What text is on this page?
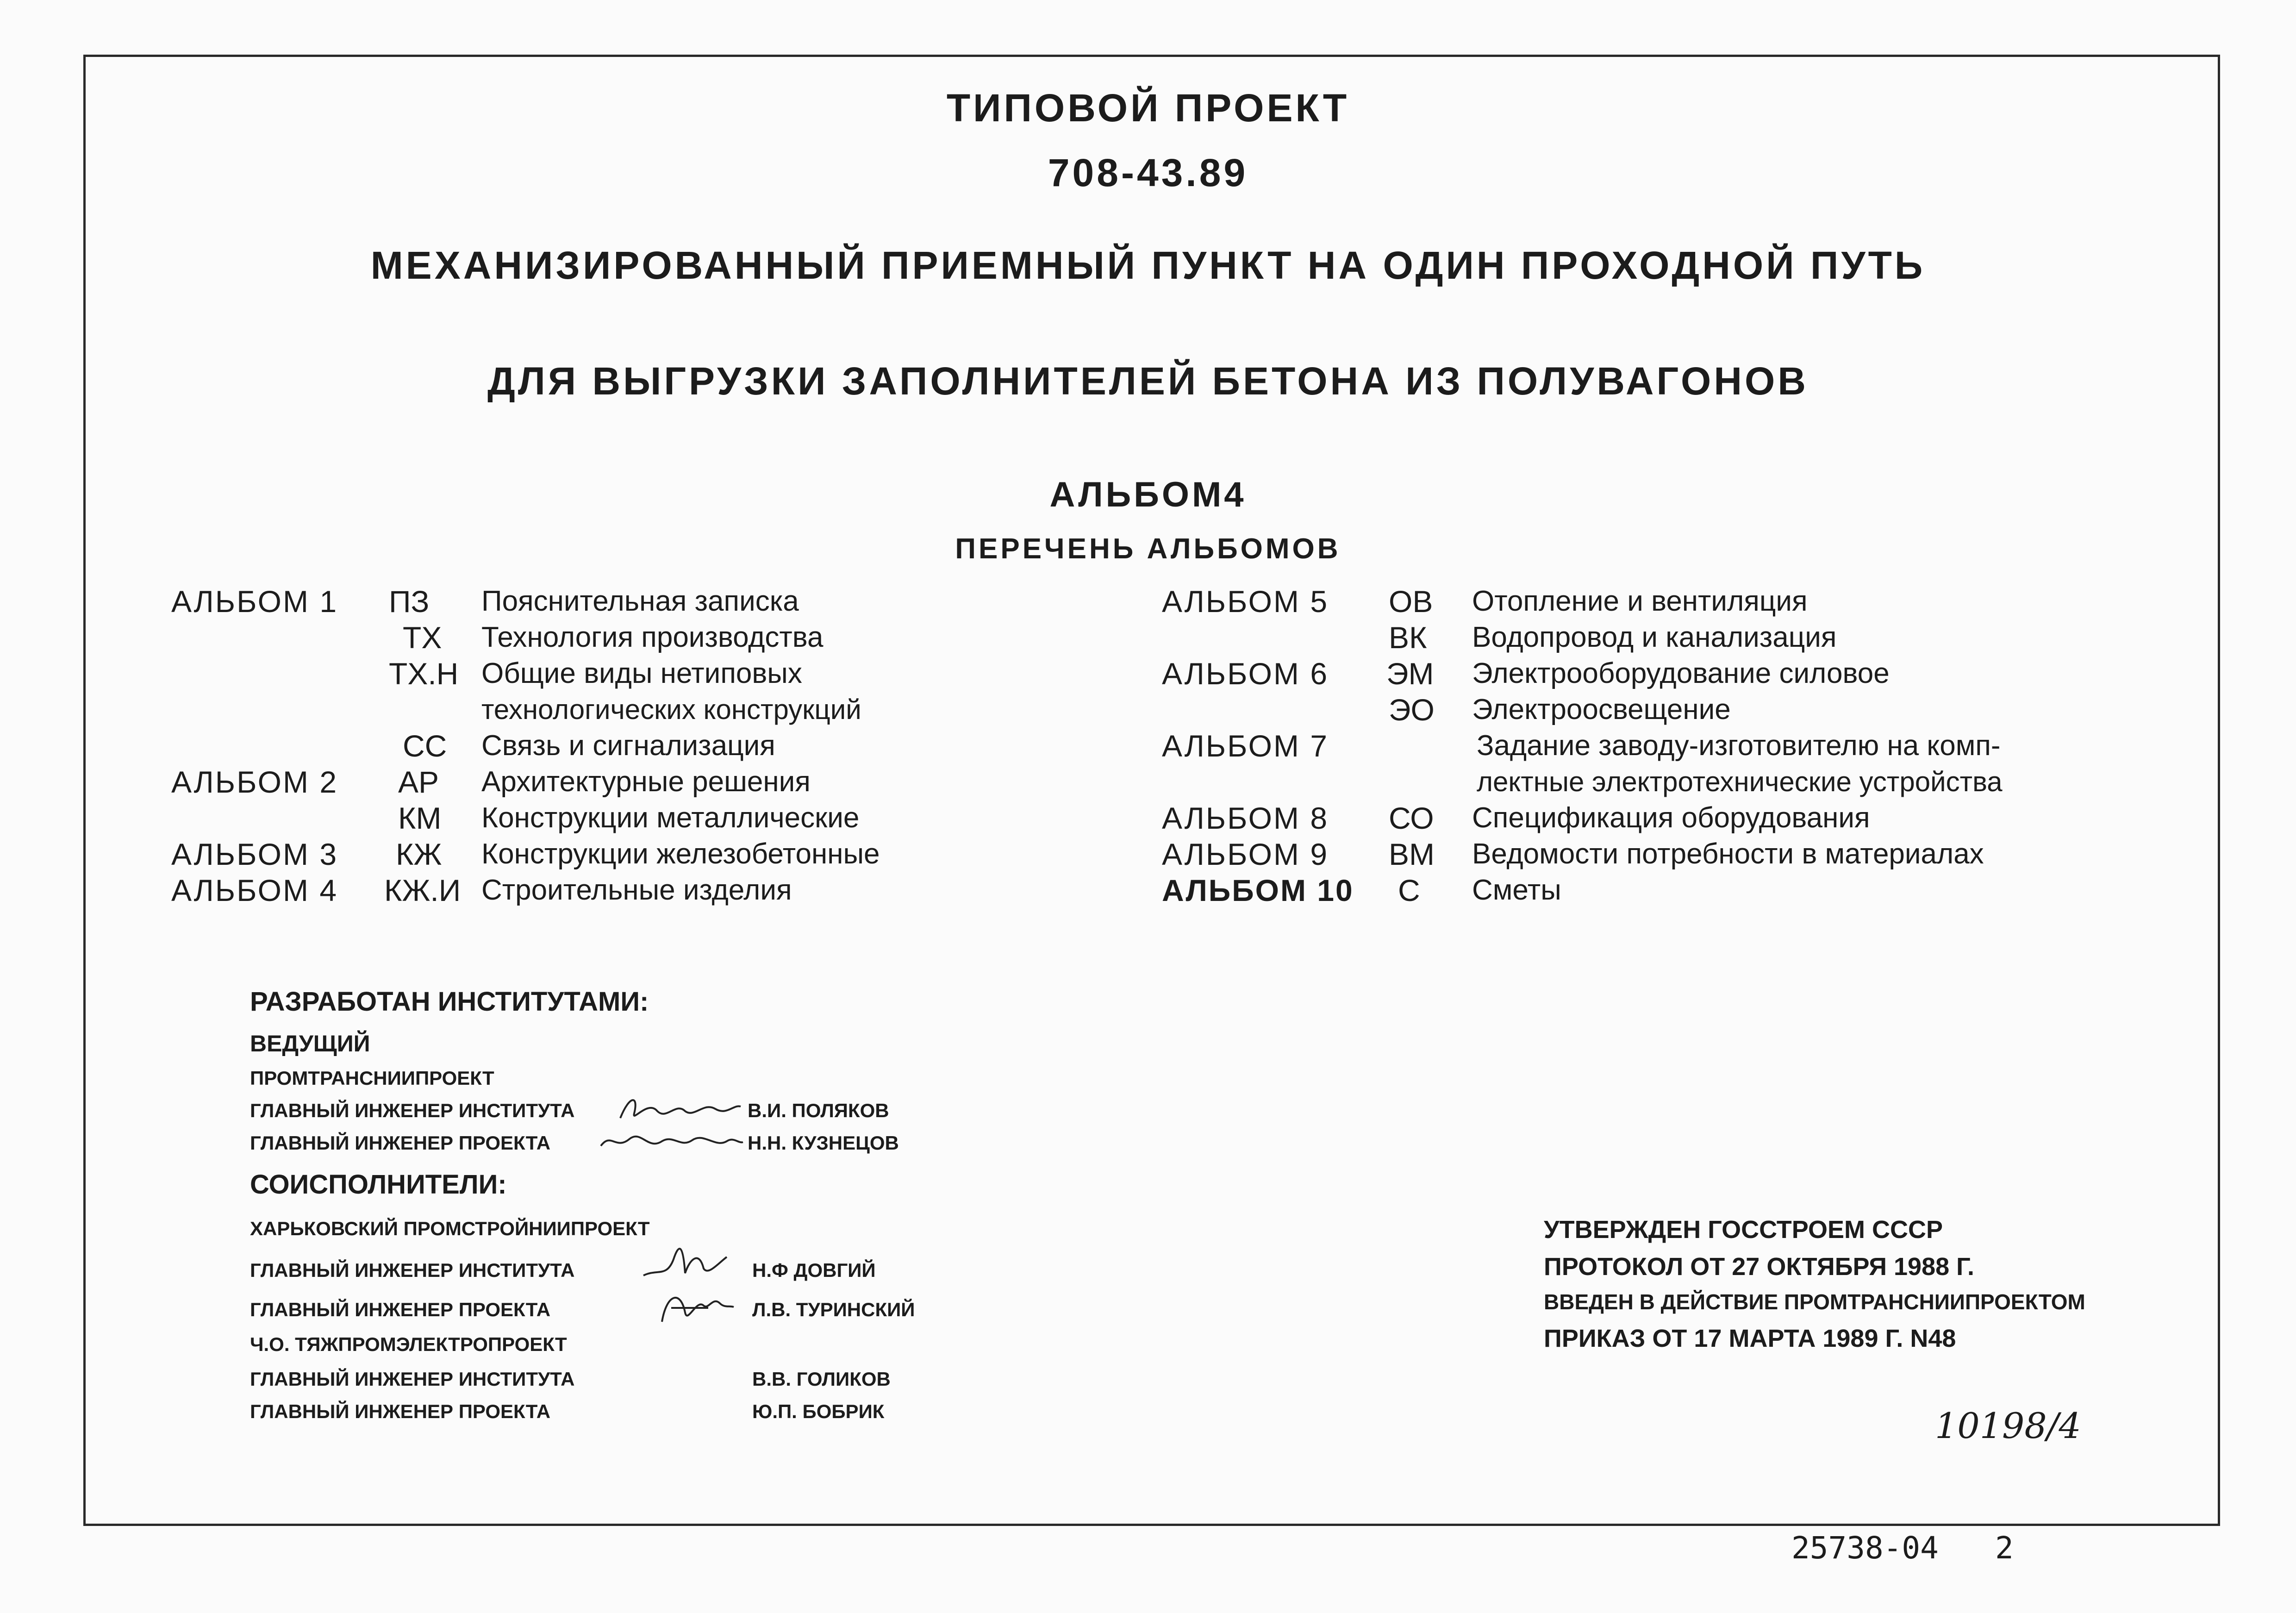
ТИПОВОЙ ПРОЕКТ
708-43.89
МЕХАНИЗИРОВАННЫЙ ПРИЕМНЫЙ ПУНКТ НА ОДИН ПРОХОДНОЙ ПУТЬ
ДЛЯ ВЫГРУЗКИ ЗАПОЛНИТЕЛЕЙ БЕТОНА ИЗ ПОЛУВАГОНОВ
АЛЬБОМ4
ПЕРЕЧЕНЬ АЛЬБОМОВ
АЛЬБОМ 1 ПЗ Пояснительная записка
ТХ Технология производства
ТХ.Н Общие виды нетиповых
технологических конструкций
СС Связь и сигнализация
АЛЬБОМ 2 АР Архитектурные решения
КМ Конструкции металлические
АЛЬБОМ 3 КЖ Конструкции железобетонные
АЛЬБОМ 4 КЖ.И Строительные изделия
АЛЬБОМ 5 ОВ Отопление и вентиляция
ВК Водопровод и канализация
АЛЬБОМ 6 ЭМ Электрооборудование силовое
ЭО Электроосвещение
АЛЬБОМ 7	Задание заводу-изготовителю на комп-
лектные электротехнические устройства
АЛЬБОМ 8 СО Спецификация оборудования
АЛЬБОМ 9 ВМ Ведомости потребности в материалах
АЛЬБОМ 10 С Сметы
РАЗРАБОТАН ИНСТИТУТАМИ:
ВЕДУЩИЙ
ПРОМТРАНСНИИПРОЕКТ
ГЛАВНЫЙ ИНЖЕНЕР ИНСТИТУТА	В.И. ПОЛЯКОВ
ГЛАВНЫЙ ИНЖЕНЕР ПРОЕКТА	Н.Н. КУЗНЕЦОВ
СОИСПОЛНИТЕЛИ:
ХАРЬКОВСКИЙ ПРОМСТРОЙНИИПРОЕКТ
ГЛАВНЫЙ ИНЖЕНЕР ИНСТИТУТА	Н.Ф ДОВГИЙ
ГЛАВНЫЙ ИНЖЕНЕР ПРОЕКТА	Л.В. ТУРИНСКИЙ
Ч.О. ТЯЖПРОМЭЛЕКТРОПРОЕКТ
ГЛАВНЫЙ ИНЖЕНЕР ИНСТИТУТА	В.В. ГОЛИКОВ
ГЛАВНЫЙ ИНЖЕНЕР ПРОЕКТА	Ю.П. БОБРИК
УТВЕРЖДЕН ГОССТРОЕМ СССР
ПРОТОКОЛ ОТ 27 ОКТЯБРЯ 1988 Г.
ВВЕДЕН В ДЕЙСТВИЕ ПРОМТРАНСНИИПРОЕКТОМ
ПРИКАЗ ОТ 17 МАРТА 1989 Г. N48
10198/4
25738-04 2
